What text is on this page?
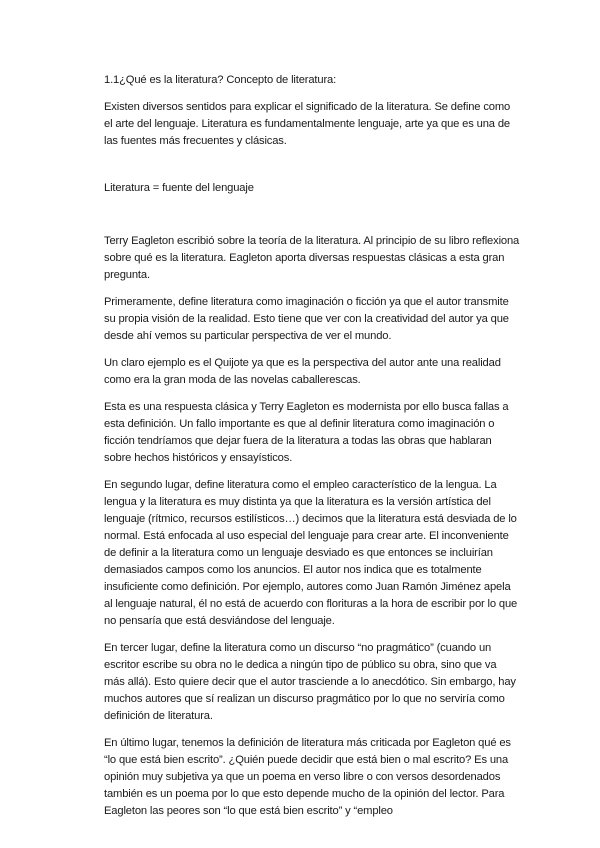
1.1¿Qué es la literatura? Concepto de literatura:
Existen diversos sentidos para explicar el significado de la literatura. Se define como el arte del lenguaje. Literatura es fundamentalmente lenguaje, arte ya que es una de las fuentes más frecuentes y clásicas.
Literatura = fuente del lenguaje
Terry Eagleton escribió sobre la teoría de la literatura. Al principio de su libro reflexiona sobre qué es la literatura. Eagleton aporta diversas respuestas clásicas a esta gran pregunta.
Primeramente, define literatura como imaginación o ficción ya que el autor transmite su propia visión de la realidad. Esto tiene que ver con la creatividad del autor ya que desde ahí vemos su particular perspectiva de ver el mundo.
Un claro ejemplo es el Quijote ya que es la perspectiva del autor ante una realidad como era la gran moda de las novelas caballerescas.
Esta es una respuesta clásica y Terry Eagleton es modernista por ello busca fallas a esta definición. Un fallo importante es que al definir literatura como imaginación o ficción tendríamos que dejar fuera de la literatura a todas las obras que hablaran sobre hechos históricos y ensayísticos.
En segundo lugar, define literatura como el empleo característico de la lengua. La lengua y la literatura es muy distinta ya que la literatura es la versión artística del lenguaje (rítmico, recursos estilísticos…) decimos que la literatura está desviada de lo normal. Está enfocada al uso especial del lenguaje para crear arte. El inconveniente de definir a la literatura como un lenguaje desviado es que entonces se incluirían demasiados campos como los anuncios. El autor nos indica que es totalmente insuficiente como definición. Por ejemplo, autores como Juan Ramón Jiménez apela al lenguaje natural, él no está de acuerdo con florituras a la hora de escribir por lo que no pensaría que está desviándose del lenguaje.
En tercer lugar, define la literatura como un discurso “no pragmático” (cuando un escritor escribe su obra no le dedica a ningún tipo de público su obra, sino que va más allá). Esto quiere decir que el autor trasciende a lo anecdótico. Sin embargo, hay muchos autores que sí realizan un discurso pragmático por lo que no serviría como definición de literatura.
En último lugar, tenemos la definición de literatura más criticada por Eagleton qué es “lo que está bien escrito”. ¿Quién puede decidir que está bien o mal escrito? Es una opinión muy subjetiva ya que un poema en verso libre o con versos desordenados también es un poema por lo que esto depende mucho de la opinión del lector. Para Eagleton las peores son “lo que está bien escrito” y “empleo
